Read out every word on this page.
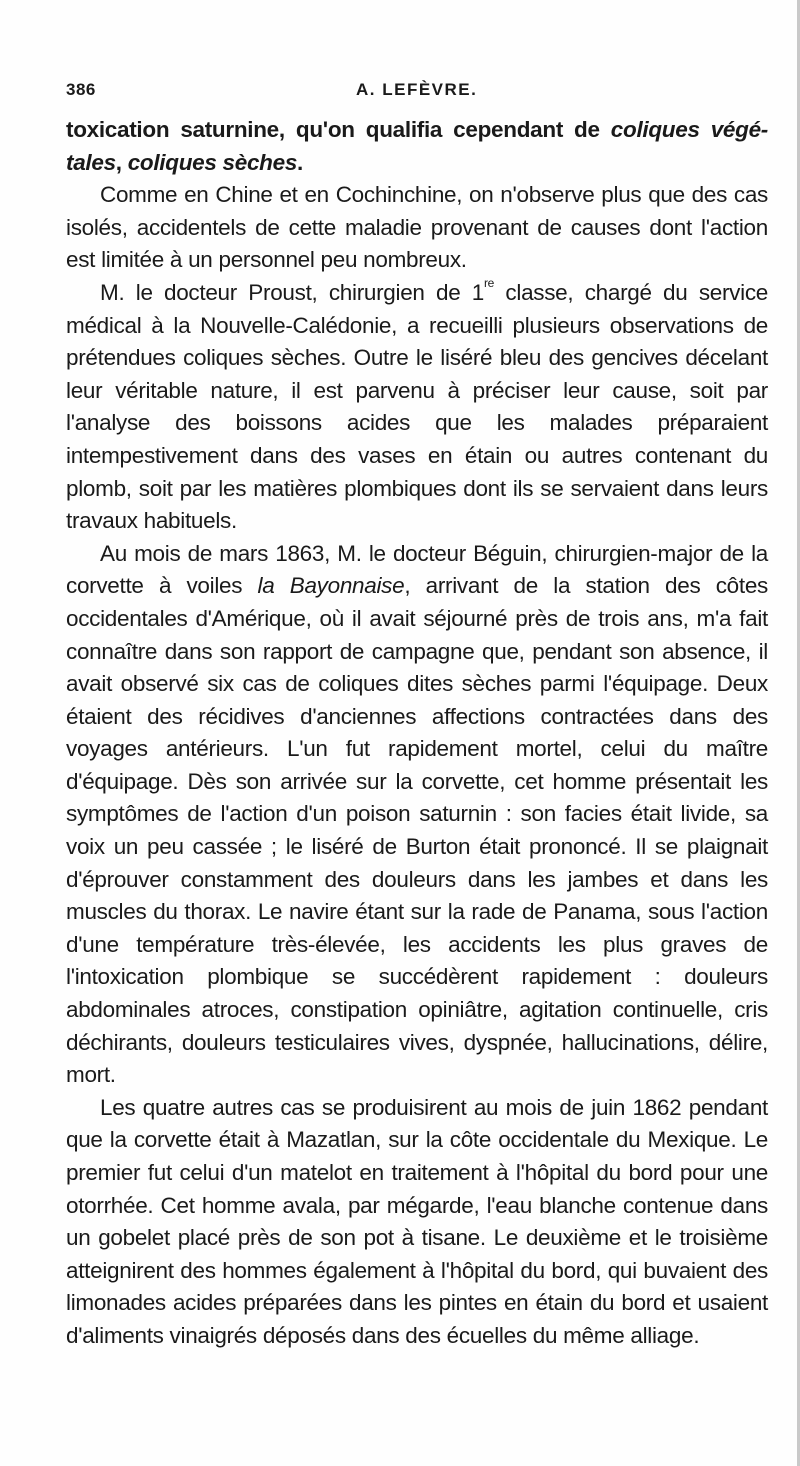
386	A. LEFÈVRE.

toxication saturnine, qu'on qualifia cependant de coliques végé-tales, coliques sèches.

Comme en Chine et en Cochinchine, on n'observe plus que des cas isolés, accidentels de cette maladie provenant de causes dont l'action est limitée à un personnel peu nombreux.

M. le docteur Proust, chirurgien de 1re classe, chargé du service médical à la Nouvelle-Calédonie, a recueilli plusieurs observations de prétendues coliques sèches. Outre le liséré bleu des gencives décelant leur véritable nature, il est parvenu à préciser leur cause, soit par l'analyse des boissons acides que les malades préparaient intempestivement dans des vases en étain ou autres contenant du plomb, soit par les matières plombiques dont ils se servaient dans leurs travaux habituels.

Au mois de mars 1863, M. le docteur Béguin, chirurgien-major de la corvette à voiles la Bayonnaise, arrivant de la station des côtes occidentales d'Amérique, où il avait séjourné près de trois ans, m'a fait connaître dans son rapport de campagne que, pendant son absence, il avait observé six cas de coliques dites sèches parmi l'équipage. Deux étaient des récidives d'anciennes affections contractées dans des voyages antérieurs. L'un fut rapidement mortel, celui du maître d'équipage. Dès son arrivée sur la corvette, cet homme présentait les symptômes de l'action d'un poison saturnin : son facies était livide, sa voix un peu cassée ; le liséré de Burton était prononcé. Il se plaignait d'éprouver constamment des douleurs dans les jambes et dans les muscles du thorax. Le navire étant sur la rade de Panama, sous l'action d'une température très-élevée, les accidents les plus graves de l'intoxication plombique se succédèrent rapidement : douleurs abdominales atroces, constipation opiniâtre, agitation continuelle, cris déchirants, douleurs testiculaires vives, dyspnée, hallucinations, délire, mort.

Les quatre autres cas se produisirent au mois de juin 1862 pendant que la corvette était à Mazatlan, sur la côte occidentale du Mexique. Le premier fut celui d'un matelot en traitement à l'hôpital du bord pour une otorrhée. Cet homme avala, par mégarde, l'eau blanche contenue dans un gobelet placé près de son pot à tisane. Le deuxième et le troisième atteignirent des hommes également à l'hôpital du bord, qui buvaient des limonades acides préparées dans les pintes en étain du bord et usaient d'aliments vinaigrés déposés dans des écuelles du même alliage.
